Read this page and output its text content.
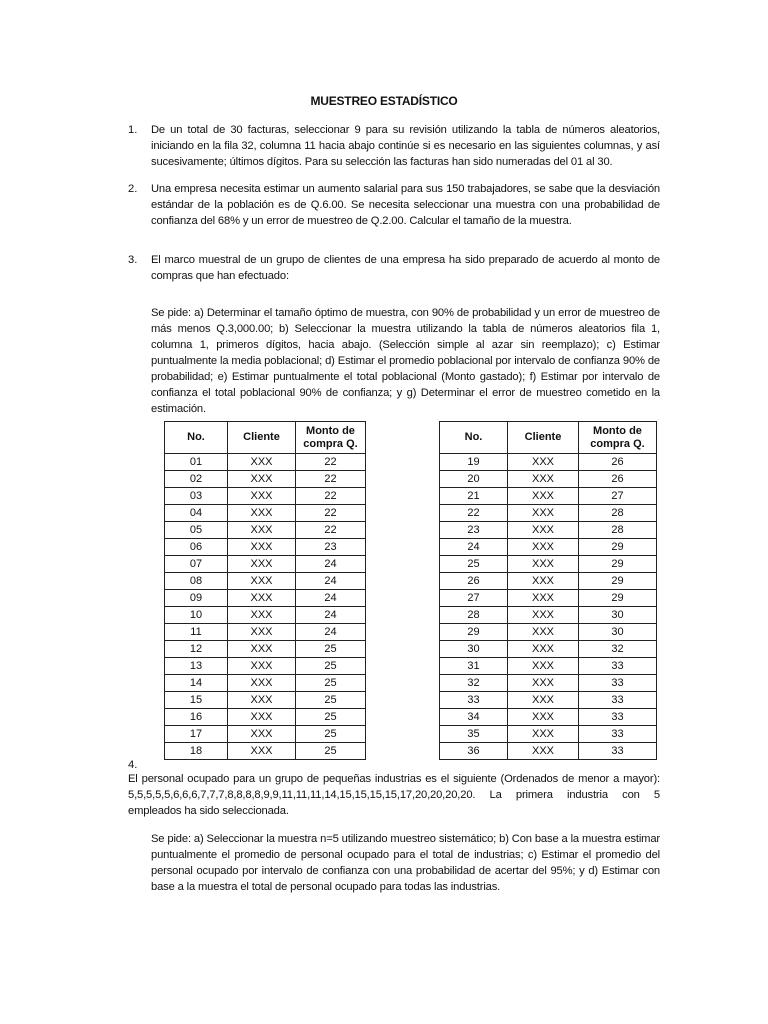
MUESTREO ESTADÍSTICO
1. De un total de 30 facturas, seleccionar 9 para su revisión utilizando la tabla de números aleatorios, iniciando en la fila 32, columna 11 hacia abajo continúe si es necesario en las siguientes columnas, y así sucesivamente; últimos dígitos. Para su selección las facturas han sido numeradas del 01 al 30.
2. Una empresa necesita estimar un aumento salarial para sus 150 trabajadores, se sabe que la desviación estándar de la población es de Q.6.00. Se necesita seleccionar una muestra con una probabilidad de confianza del 68% y un error de muestreo de Q.2.00. Calcular el tamaño de la muestra.
3. El marco muestral de un grupo de clientes de una empresa ha sido preparado de acuerdo al monto de compras que han efectuado:
Se pide: a) Determinar el tamaño óptimo de muestra, con 90% de probabilidad y un error de muestreo de más menos Q.3,000.00; b) Seleccionar la muestra utilizando la tabla de números aleatorios fila 1, columna 1, primeros dígitos, hacia abajo. (Selección simple al azar sin reemplazo); c) Estimar puntualmente la media poblacional; d) Estimar el promedio poblacional por intervalo de confianza 90% de probabilidad; e) Estimar puntualmente el total poblacional (Monto gastado); f) Estimar por intervalo de confianza el total poblacional 90% de confianza; y g) Determinar el error de muestreo cometido en la estimación.
No.	Cliente	Monto de compra Q.
01	XXX	22
02	XXX	22
03	XXX	22
04	XXX	22
05	XXX	22
06	XXX	23
07	XXX	24
08	XXX	24
09	XXX	24
10	XXX	24
11	XXX	24
12	XXX	25
13	XXX	25
14	XXX	25
15	XXX	25
16	XXX	25
17	XXX	25
18	XXX	25
No.	Cliente	Monto de compra Q.
19	XXX	26
20	XXX	26
21	XXX	27
22	XXX	28
23	XXX	28
24	XXX	29
25	XXX	29
26	XXX	29
27	XXX	29
28	XXX	30
29	XXX	30
30	XXX	32
31	XXX	33
32	XXX	33
33	XXX	33
34	XXX	33
35	XXX	33
36	XXX	33
4.
El personal ocupado para un grupo de pequeñas industrias es el siguiente (Ordenados de menor a mayor): 5,5,5,5,5,6,6,6,7,7,7,8,8,8,8,9,9,11,11,11,14,15,15,15,15,17,20,20,20,20. La primera industria con 5 empleados ha sido seleccionada.
Se pide: a) Seleccionar la muestra n=5 utilizando muestreo sistemático; b) Con base a la muestra estimar puntualmente el promedio de personal ocupado para el total de industrias; c) Estimar el promedio del personal ocupado por intervalo de confianza con una probabilidad de acertar del 95%; y d) Estimar con base a la muestra el total de personal ocupado para todas las industrias.
